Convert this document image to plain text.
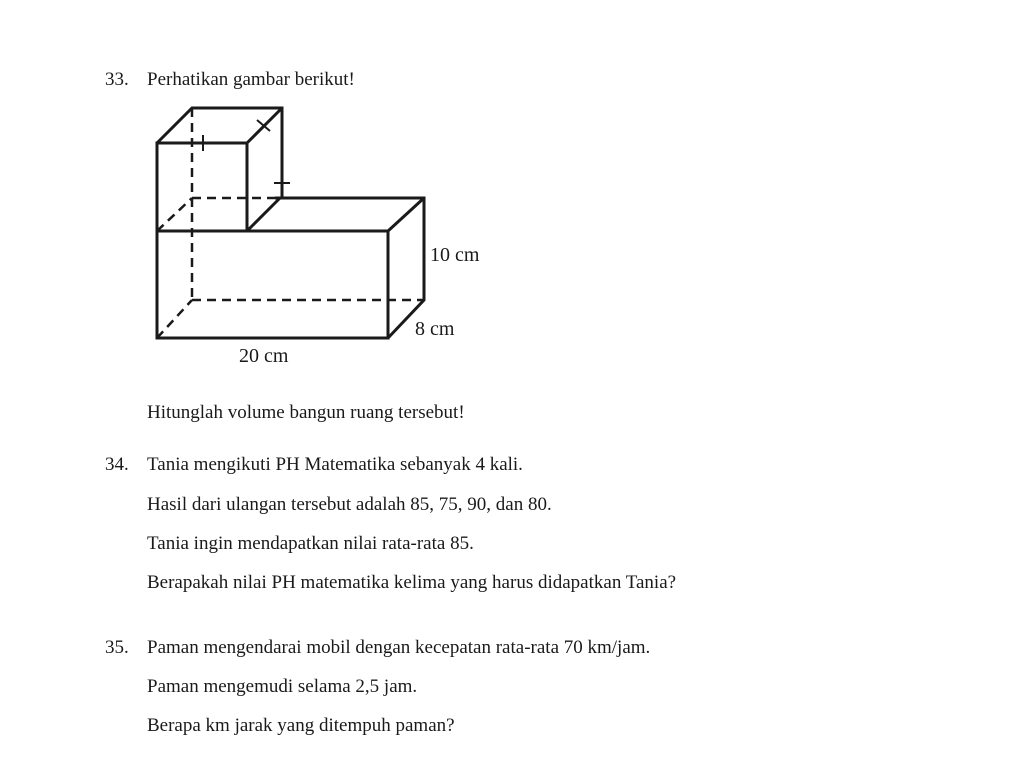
33. Perhatikan gambar berikut!
10 cm
8 cm
20 cm
Hitunglah volume bangun ruang tersebut!
34. Tania mengikuti PH Matematika sebanyak 4 kali.
Hasil dari ulangan tersebut adalah 85, 75, 90, dan 80.
Tania ingin mendapatkan nilai rata-rata 85.
Berapakah nilai PH matematika kelima yang harus didapatkan Tania?
35. Paman mengendarai mobil dengan kecepatan rata-rata 70 km/jam.
Paman mengemudi selama 2,5 jam.
Berapa km jarak yang ditempuh paman?
